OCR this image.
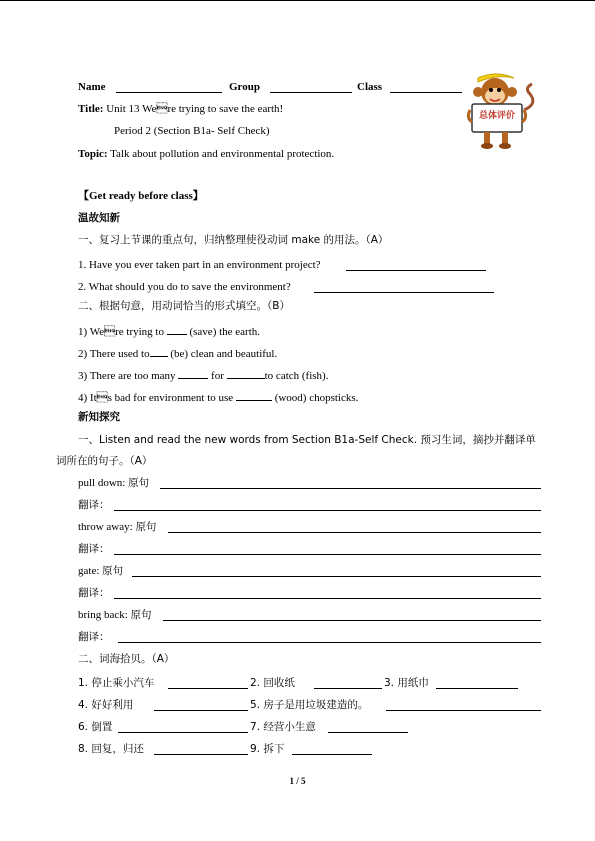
Name	Group	Class
Title: Unit 13 Were trying to save the earth!
Period 2 (Section B1a- Self Check)
Topic: Talk about pollution and environmental protection.
总体评价
【Get ready before class】
温故知新
一、复习上节课的重点句，归纳整理使役动词 make 的用法。（A）
1. Have you ever taken part in an environment project?
2. What should you do to save the environment?
二、根据句意，用动词恰当的形式填空。（B）
1) Were trying to  (save) the earth.
2) There used to (be) clean and beautiful.
3) There are too many	for	to catch (fish).
4) Its bad for environment to use	(wood) chopsticks.
新知探究
一、Listen and read the new words from Section B1a-Self Check. 预习生词，摘抄并翻译单
词所在的句子。（A）
pull down: 原句
翻译：
throw away: 原句
翻译：
gate: 原句
翻译：
bring back: 原句
翻译：
二、词海拾贝。（A）
1. 停止乘小汽车	2. 回收纸	3. 用纸巾
4. 好好利用	5. 房子是用垃圾建造的。
6. 倒置	7. 经营小生意
8. 回复，归还	9. 拆下
1 / 5
